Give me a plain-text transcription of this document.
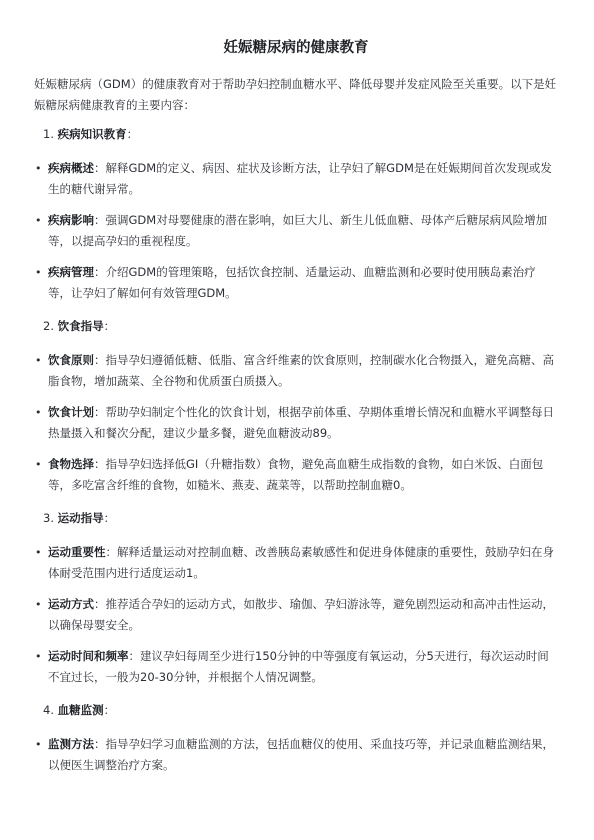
妊娠糖尿病的健康教育

妊娠糖尿病（GDM）的健康教育对于帮助孕妇控制血糖水平、降低母婴并发症风险至关重要。以下是妊娠糖尿病健康教育的主要内容：

1. 疾病知识教育：
• 疾病概述：解释GDM的定义、病因、症状及诊断方法，让孕妇了解GDM是在妊娠期间首次发现或发生的糖代谢异常。
• 疾病影响：强调GDM对母婴健康的潜在影响，如巨大儿、新生儿低血糖、母体产后糖尿病风险增加等，以提高孕妇的重视程度。
• 疾病管理：介绍GDM的管理策略，包括饮食控制、适量运动、血糖监测和必要时使用胰岛素治疗等，让孕妇了解如何有效管理GDM。
2. 饮食指导：
• 饮食原则：指导孕妇遵循低糖、低脂、富含纤维素的饮食原则，控制碳水化合物摄入，避免高糖、高脂食物，增加蔬菜、全谷物和优质蛋白质摄入。
• 饮食计划：帮助孕妇制定个性化的饮食计划，根据孕前体重、孕期体重增长情况和血糖水平调整每日热量摄入和餐次分配，建议少量多餐，避免血糖波动89。
• 食物选择：指导孕妇选择低GI（升糖指数）食物，避免高血糖生成指数的食物，如白米饭、白面包等，多吃富含纤维的食物，如糙米、燕麦、蔬菜等，以帮助控制血糖0。
3. 运动指导：
• 运动重要性：解释适量运动对控制血糖、改善胰岛素敏感性和促进身体健康的重要性，鼓励孕妇在身体耐受范围内进行适度运动1。
• 运动方式：推荐适合孕妇的运动方式，如散步、瑜伽、孕妇游泳等，避免剧烈运动和高冲击性运动，以确保母婴安全。
• 运动时间和频率：建议孕妇每周至少进行150分钟的中等强度有氧运动，分5天进行，每次运动时间不宜过长，一般为20-30分钟，并根据个人情况调整。
4. 血糖监测：
• 监测方法：指导孕妇学习血糖监测的方法，包括血糖仪的使用、采血技巧等，并记录血糖监测结果，以便医生调整治疗方案。
